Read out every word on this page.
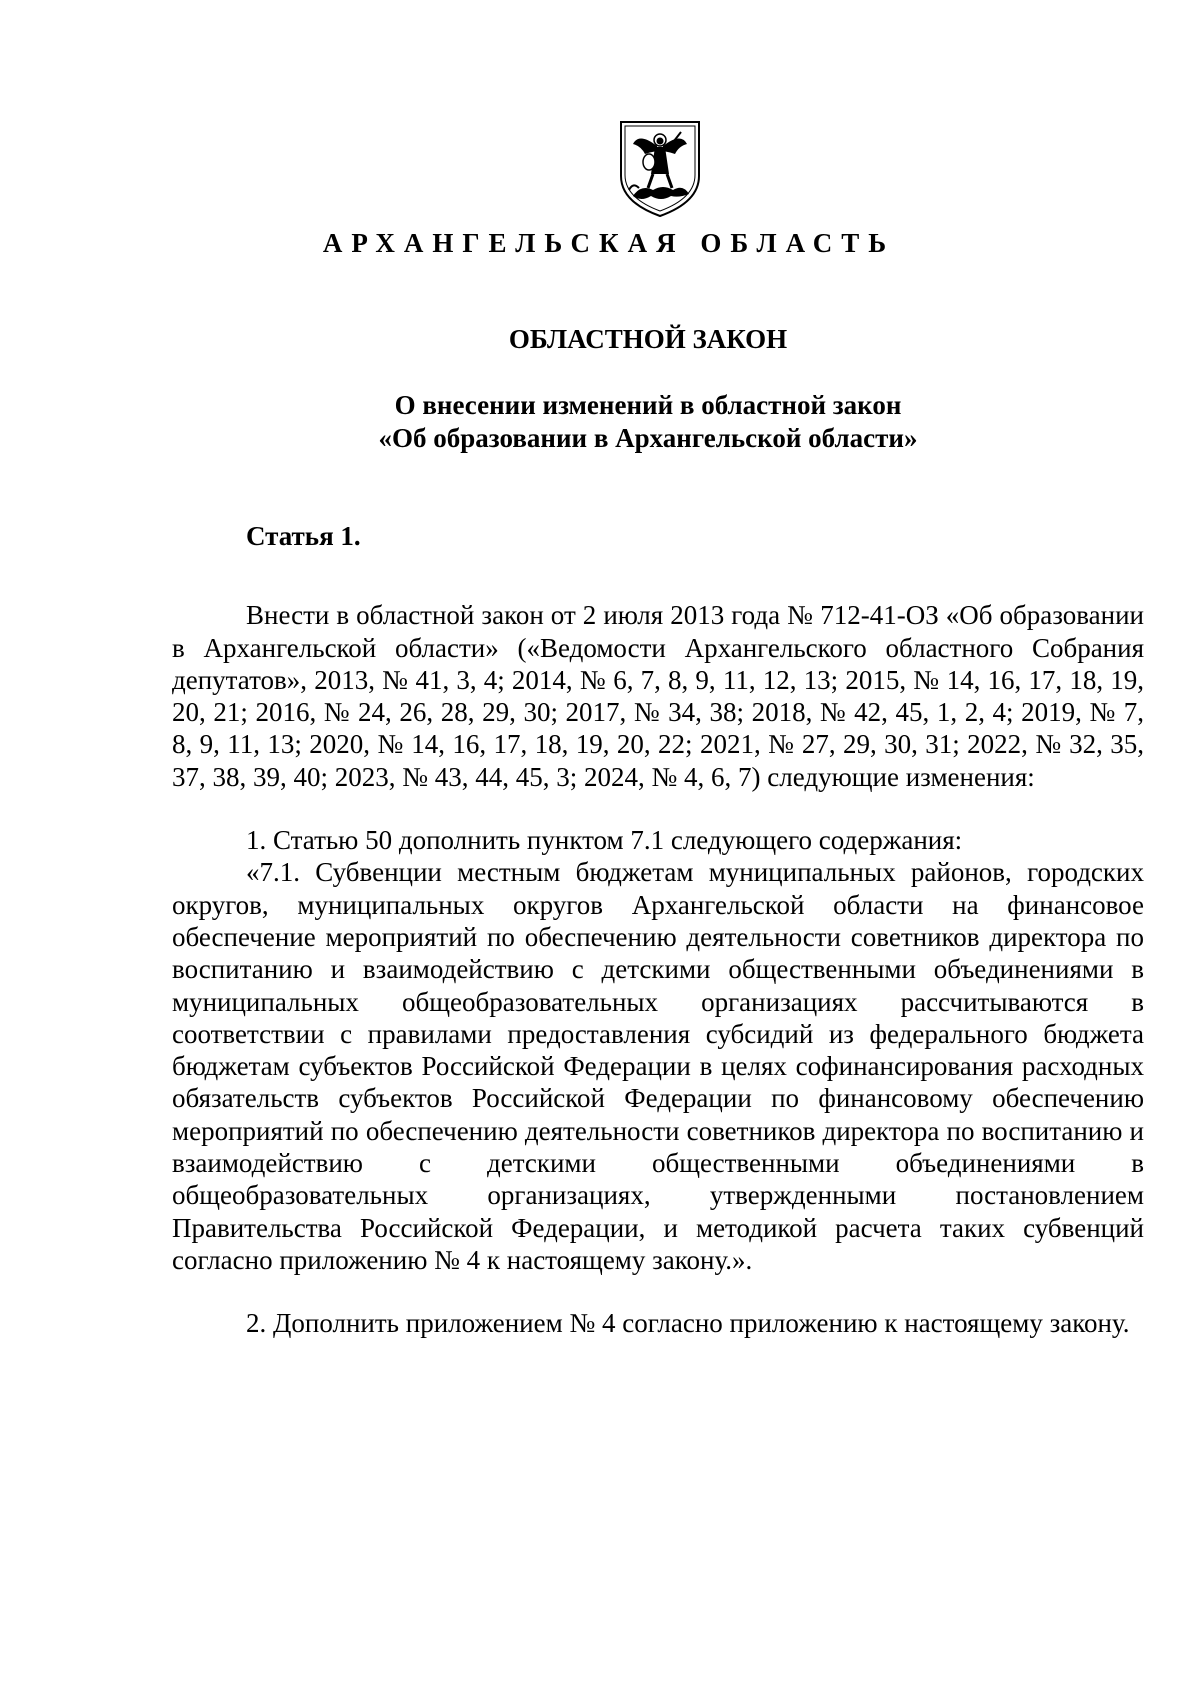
АРХАНГЕЛЬСКАЯ ОБЛАСТЬ
ОБЛАСТНОЙ ЗАКОН
О внесении изменений в областной закон
«Об образовании в Архангельской области»

Статья 1.

Внести в областной закон от 2 июля 2013 года № 712-41-ОЗ «Об образовании в Архангельской области» («Ведомости Архангельского областного Собрания депутатов», 2013, № 41, 3, 4; 2014, № 6, 7, 8, 9, 11, 12, 13; 2015, № 14, 16, 17, 18, 19, 20, 21; 2016, № 24, 26, 28, 29, 30; 2017, № 34, 38; 2018, № 42, 45, 1, 2, 4; 2019, № 7, 8, 9, 11, 13; 2020, № 14, 16, 17, 18, 19, 20, 22; 2021, № 27, 29, 30, 31; 2022, № 32, 35, 37, 38, 39, 40; 2023, № 43, 44, 45, 3; 2024, № 4, 6, 7) следующие изменения:

1. Статью 50 дополнить пунктом 7.1 следующего содержания:

«7.1. Субвенции местным бюджетам муниципальных районов, городских округов, муниципальных округов Архангельской области на финансовое обеспечение мероприятий по обеспечению деятельности советников директора по воспитанию и взаимодействию с детскими общественными объединениями в муниципальных общеобразовательных организациях рассчитываются в соответствии с правилами предоставления субсидий из федерального бюджета бюджетам субъектов Российской Федерации в целях софинансирования расходных обязательств субъектов Российской Федерации по финансовому обеспечению мероприятий по обеспечению деятельности советников директора по воспитанию и взаимодействию с детскими общественными объединениями в общеобразовательных организациях, утвержденными постановлением Правительства Российской Федерации, и методикой расчета таких субвенций согласно приложению № 4 к настоящему закону.».

2. Дополнить приложением № 4 согласно приложению к настоящему закону.
